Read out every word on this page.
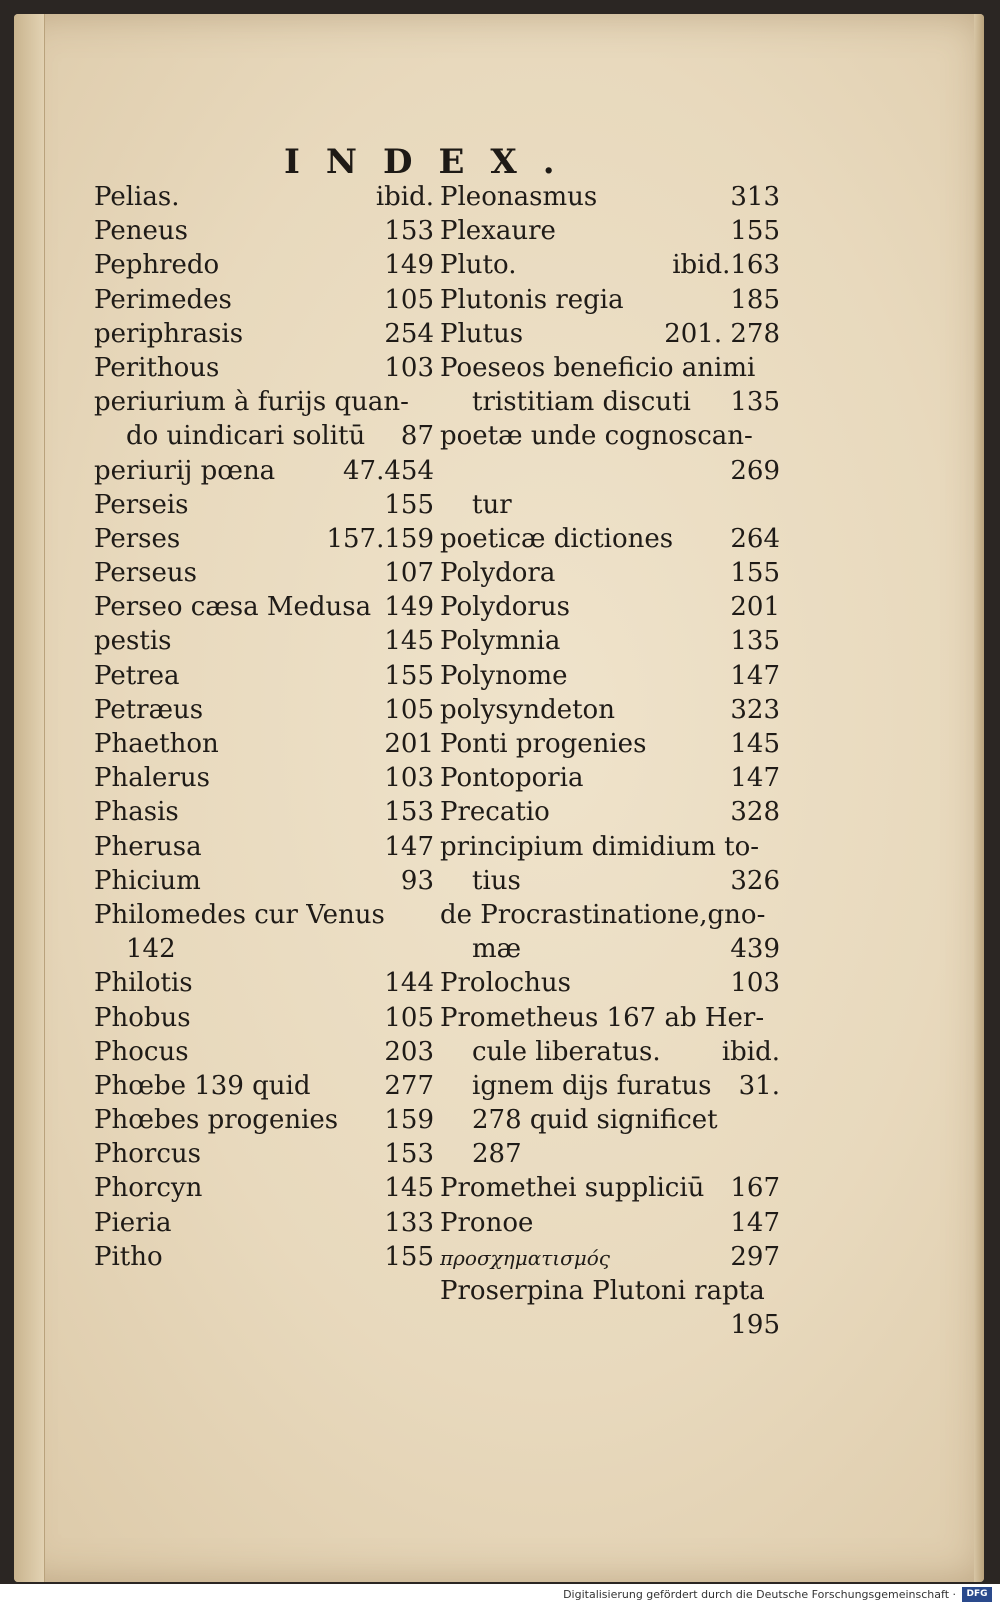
INDEX.
Pelias.	ibid.
Peneus	153
Pephredo	149
Perimedes	105
periphrasis	254
Perithous	103
periurium à furijs quan-
do uindicari solitū 87
periurij pœna	47.454
Perseis	155
Perses	157.159
Perseus	107
Perseo cæsa Medusa 149
pestis	145
Petrea	155
Petræus	105
Phaethon	201
Phalerus	103
Phasis	153
Pherusa	147
Phicium	93
Philomedes cur Venus
142
Philotis	144
Phobus	105
Phocus	203
Phœbe 139 quid	277
Phœbes progenies 159
Phorcus	153
Phorcyn	145
Pieria	133
Pitho	155
Pleonasmus	313
Plexaure	155
Pluto.	ibid.163
Plutonis regia	185
Plutus	201. 278
Poeseos beneficio animi
tristitiam discuti 135
poetæ unde cognoscan-
269
tur
poeticæ dictiones 264
Polydora	155
Polydorus	201
Polymnia	135
Polynome	147
polysyndeton	323
Ponti progenies	145
Pontoporia	147
Precatio	328
principium dimidium to-
tius	326
de Procrastinatione,gno-
mæ	439
Prolochus	103
Prometheus 167 ab Her-
cule liberatus. ibid.
ignem dijs furatus 31.
278 quid significet
287
Promethei suppliciū 167
Pronoe	147
προσχηματισμός	297
Proserpina Plutoni rapta
195
Digitalisierung gefördert durch die Deutsche Forschungsgemeinschaft ·	DFG
